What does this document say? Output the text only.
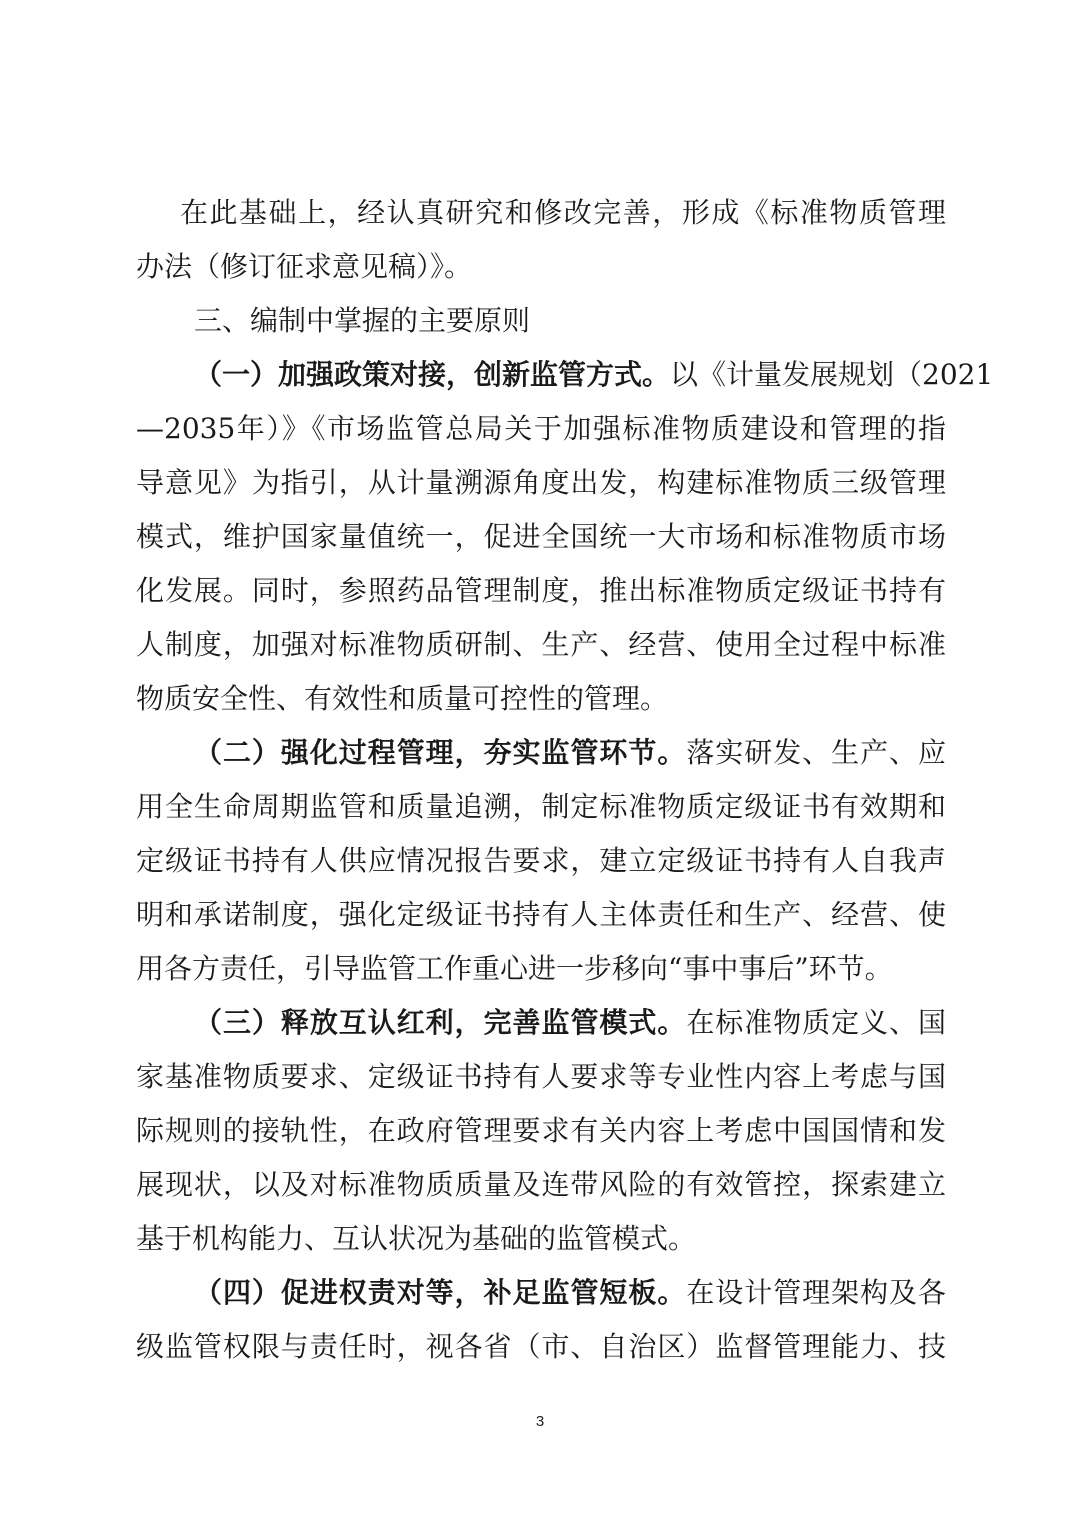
在此基础上，经认真研究和修改完善，形成《标准物质管理
办法（修订征求意见稿）》。
三、编制中掌握的主要原则
（一）加强政策对接，创新监管方式。以《计量发展规划（2021
—2035年）》《市场监管总局关于加强标准物质建设和管理的指
导意见》为指引，从计量溯源角度出发，构建标准物质三级管理
模式，维护国家量值统一，促进全国统一大市场和标准物质市场
化发展。同时，参照药品管理制度，推出标准物质定级证书持有
人制度，加强对标准物质研制、生产、经营、使用全过程中标准
物质安全性、有效性和质量可控性的管理。
（二）强化过程管理，夯实监管环节。落实研发、生产、应
用全生命周期监管和质量追溯，制定标准物质定级证书有效期和
定级证书持有人供应情况报告要求，建立定级证书持有人自我声
明和承诺制度，强化定级证书持有人主体责任和生产、经营、使
用各方责任，引导监管工作重心进一步移向“事中事后”环节。
（三）释放互认红利，完善监管模式。在标准物质定义、国
家基准物质要求、定级证书持有人要求等专业性内容上考虑与国
际规则的接轨性，在政府管理要求有关内容上考虑中国国情和发
展现状，以及对标准物质质量及连带风险的有效管控，探索建立
基于机构能力、互认状况为基础的监管模式。
（四）促进权责对等，补足监管短板。在设计管理架构及各
级监管权限与责任时，视各省（市、自治区）监督管理能力、技
3
